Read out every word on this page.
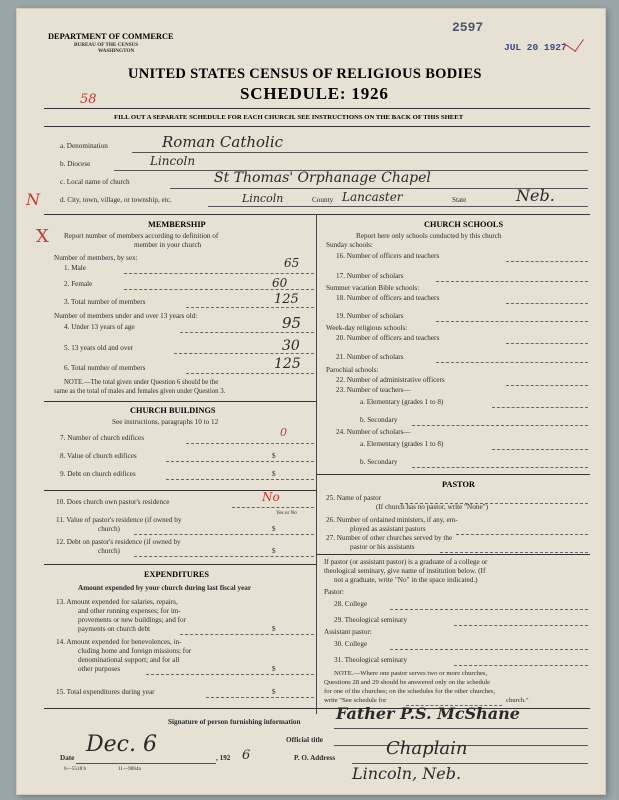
DEPARTMENT OF COMMERCE
BUREAU OF THE CENSUS
WASHINGTON
2597
JUL 20 1927
UNITED STATES CENSUS OF RELIGIOUS BODIES
SCHEDULE: 1926
58
FILL OUT A SEPARATE SCHEDULE FOR EACH CHURCH. SEE INSTRUCTIONS ON THE BACK OF THIS SHEET
a. Denomination	Roman Catholic
b. Diocese	Lincoln
c. Local name of church	St Thomas' Orphanage Chapel
d. City, town, village, or township, etc.	Lincoln	County Lancaster	State	Neb.
N
X
MEMBERSHIP
Report number of members according to definition of
member in your church
Number of members, by sex:
1. Male	65
2. Female	60
3. Total number of members	125
Number of members under and over 13 years old:
4. Under 13 years of age	95
5. 13 years old and over	30
6. Total number of members	125
NOTE.—The total given under Question 6 should be the
same as the total of males and females given under Question 3.
CHURCH BUILDINGS
See instructions, paragraphs 10 to 12
7. Number of church edifices	0
8. Value of church edifices	$
9. Debt on church edifices	$
10. Does church own pastor's residence	No
Yes or No
11. Value of pastor's residence (if owned by
church)	$
12. Debt on pastor's residence (if owned by
church)	$
EXPENDITURES
Amount expended by your church during last fiscal year
13. Amount expended for salaries, repairs,
and other running expenses; for im-
provements or new buildings; and for
payments on church debt	$
14. Amount expended for benevolences, in-
cluding home and foreign missions; for
denominational support; and for all
other purposes	$
15. Total expenditures during year	$
CHURCH SCHOOLS
Report here only schools conducted by this church
Sunday schools:
16. Number of officers and teachers
17. Number of scholars
Summer vacation Bible schools:
18. Number of officers and teachers
19. Number of scholars
Week-day religious schools:
20. Number of officers and teachers
21. Number of scholars
Parochial schools:
22. Number of administrative officers
23. Number of teachers—
a. Elementary (grades 1 to 8)
b. Secondary
24. Number of scholars—
a. Elementary (grades 1 to 8)
b. Secondary
PASTOR
25. Name of pastor
(If church has no pastor, write "None")
26. Number of ordained ministers, if any, em-
ployed as assistant pastors
27. Number of other churches served by the
pastor or his assistants
If pastor (or assistant pastor) is a graduate of a college or
theological seminary, give name of institution below. (If
not a graduate, write "No" in the space indicated.)
Pastor:
28. College
29. Theological seminary
Assistant pastor:
30. College
31. Theological seminary
NOTE.—Where one pastor serves two or more churches,
Questions 28 and 29 should be answered only on the schedule
for one of the churches; on the schedules for the other churches,
write "See schedule for	church."
Signature of person furnishing information Father P.S. McShane
Official title
Date
Dec. 6
, 192 6	P. O. Address	Chaplain
Lincoln, Neb.
6—5518 b	11—9064a
